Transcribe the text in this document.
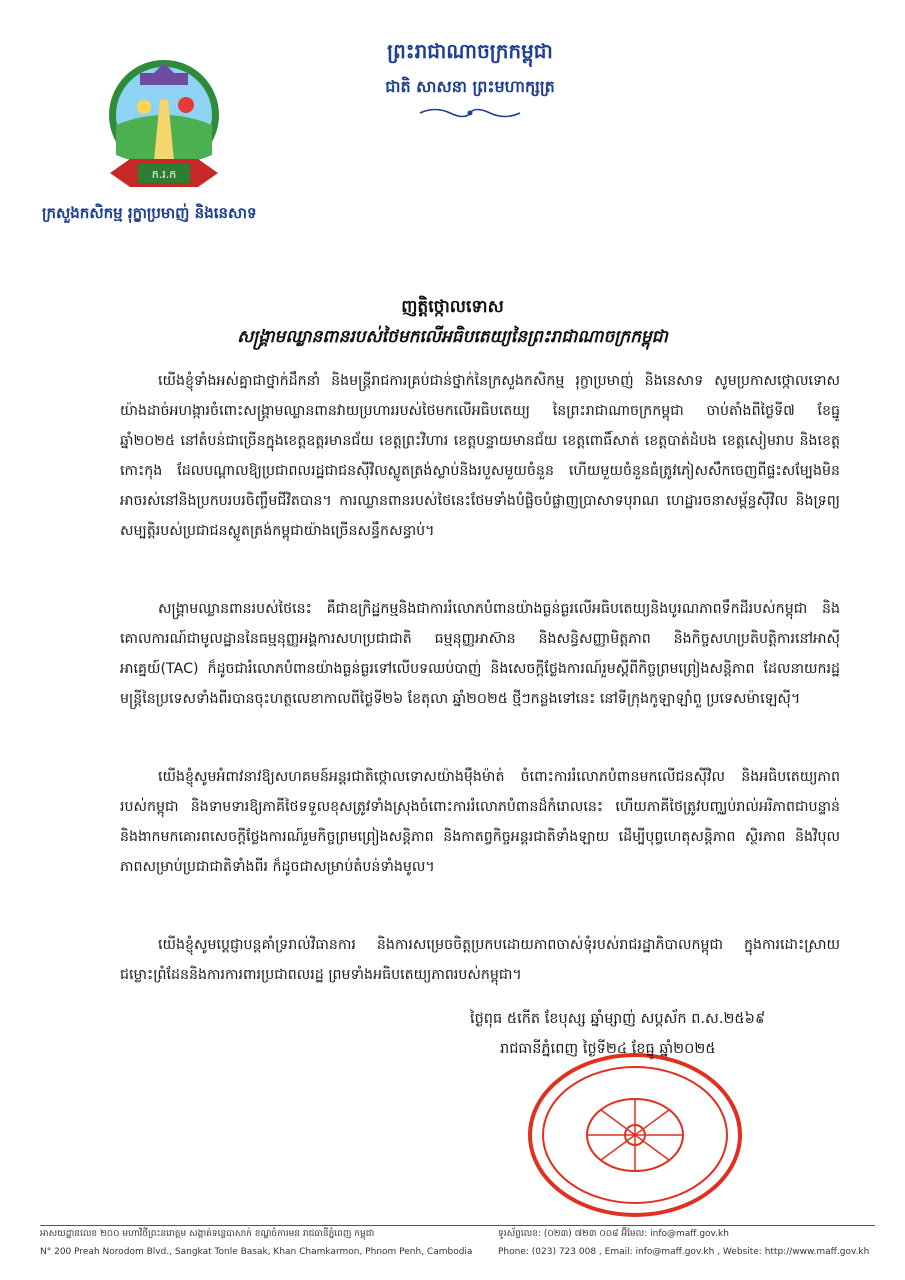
ក.រ.ក
ក្រសួងកសិកម្ម រុក្ខាប្រមាញ់ និងនេសាទ
ព្រះរាជាណាចក្រកម្ពុជា
ជាតិ សាសនា ព្រះមហាក្សត្រ
ញត្តិថ្កោលទោស
សង្គ្រាមឈ្លានពានរបស់ថៃមកលើអធិបតេយ្យនៃព្រះរាជាណាចក្រកម្ពុជា

យើងខ្ញុំទាំងអស់គ្នាជាថ្នាក់ដឹកនាំ និងមន្ត្រីរាជការគ្រប់ជាន់ថ្នាក់នៃក្រសួងកសិកម្ម រុក្ខាប្រមាញ់ និងនេសាទ សូមប្រកាសថ្កោលទោសយ៉ាងដាច់អហង្ការចំពោះសង្គ្រាមឈ្លានពានវាយប្រហាររបស់ថៃមកលើអធិបតេយ្យ នៃព្រះរាជាណាចក្រកម្ពុជា ចាប់តាំងពីថ្ងៃទី៧ ខែធ្នូ ឆ្នាំ២០២៥ នៅតំបន់ជាច្រើនក្នុងខេត្តឧត្តរមានជ័យ ខេត្តព្រះវិហារ ខេត្តបន្ទាយមានជ័យ ខេត្តពោធិ៍សាត់ ខេត្តបាត់ដំបង ខេត្តសៀមរាប និងខេត្តកោះកុង ដែលបណ្តាលឱ្យប្រជាពលរដ្ឋជាជនស៊ីវិលស្លូតត្រង់ស្លាប់និងរបួសមួយចំនួន ហើយមួយចំនួនធំត្រូវភៀសសឹកចេញពីផ្ទះសម្បែងមិនអាចរស់នៅនិងប្រកបរបរចិញ្ចឹមជីវិតបាន។ ការឈ្លានពានរបស់ថៃនេះថែមទាំងបំផ្លិចបំផ្លាញប្រាសាទបុរាណ ហេដ្ឋារចនាសម្ព័ន្ធស៊ីវិល និងទ្រព្យសម្បត្តិរបស់ប្រជាជនស្លូតត្រង់កម្ពុជាយ៉ាងច្រើនសន្ធឹកសន្ធាប់។

សង្គ្រាមឈ្លានពានរបស់ថៃនេះ គឺជាឧក្រិដ្ឋកម្មនិងជាការរំលោភបំពានយ៉ាងធ្ងន់ធ្ងរលើអធិបតេយ្យនិងបូរណភាពទឹកដីរបស់កម្ពុជា និងគោលការណ៍ជាមូលដ្ឋាននៃធម្មនុញ្ញអង្គការសហប្រជាជាតិ ធម្មនុញ្ញអាស៊ាន និងសន្ធិសញ្ញាមិត្តភាព និងកិច្ចសហប្រតិបត្តិការនៅអាស៊ីអាគ្នេយ៍(TAC) ក៏ដូចជារំលោភបំពានយ៉ាងធ្ងន់ធ្ងរទៅលើបទឈប់បាញ់ និងសេចក្តីថ្លែងការណ៍រួមស្តីពីកិច្ចព្រមព្រៀងសន្តិភាព ដែលនាយករដ្ឋមន្ត្រីនៃប្រទេសទាំងពីរបានចុះហត្ថលេខាកាលពីថ្ងៃទី២៦ ខែតុលា ឆ្នាំ២០២៥ ថ្មីៗកន្លងទៅនេះ នៅទីក្រុងកូឡាឡាំពួ ប្រទេសម៉ាឡេស៊ី។

យើងខ្ញុំសូមអំពាវនាវឱ្យសហគមន៍អន្តរជាតិថ្កោលទោសយ៉ាងម៉ឺងម៉ាត់ ចំពោះការរំលោភបំពានមកលើជនស៊ីវិល និងអធិបតេយ្យភាពរបស់កម្ពុជា និងទាមទារឱ្យភាគីថៃទទួលខុសត្រូវទាំងស្រុងចំពោះការរំលោភបំពានដ៏កំរោលនេះ ហើយភាគីថៃត្រូវបញ្ឈប់រាល់អរិភាពជាបន្ទាន់និងងាកមកគោរពសេចក្តីថ្លែងការណ៍រួមកិច្ចព្រមព្រៀងសន្តិភាព និងកាតព្វកិច្ចអន្តរជាតិទាំងឡាយ ដើម្បីបុព្វហេតុសន្តិភាព ស្ថិរភាព និងវិបុលភាពសម្រាប់ប្រជាជាតិទាំងពីរ ក៏ដូចជាសម្រាប់តំបន់ទាំងមូល។

យើងខ្ញុំសូមប្តេជ្ញាបន្តគាំទ្ររាល់វិធានការ និងការសម្រេចចិត្តប្រកបដោយភាពចាស់ទុំរបស់រាជរដ្ឋាភិបាលកម្ពុជា ក្នុងការដោះស្រាយជម្លោះព្រំដែននិងការការពារប្រជាពលរដ្ឋ ព្រមទាំងអធិបតេយ្យភាពរបស់កម្ពុជា។

ថ្ងៃពុធ ៥កើត ខែបុស្ស ឆ្នាំម្សាញ់ សប្តស័ក ព.ស.២៥៦៩
រាជធានីភ្នំពេញ ថ្ងៃទី២៤ ខែធ្នូ ឆ្នាំ២០២៥
អាសយដ្ឋានលេខ ២០០ មហាវិថីព្រះនរោត្តម សង្កាត់ទន្លេបាសាក់ ខណ្ឌចំការមន រាជធានីភ្នំពេញ កម្ពុជា
N° 200 Preah Norodom Blvd., Sangkat Tonle Basak, Khan Chamkarmon, Phnom Penh, Cambodia
ទូរស័ព្ទលេខ: (០២៣) ៧២៣ ០០៨ អ៊ីមែល: info@maff.gov.kh
Phone: (023) 723 008 , Email: info@maff.gov.kh , Website: http://www.maff.gov.kh
